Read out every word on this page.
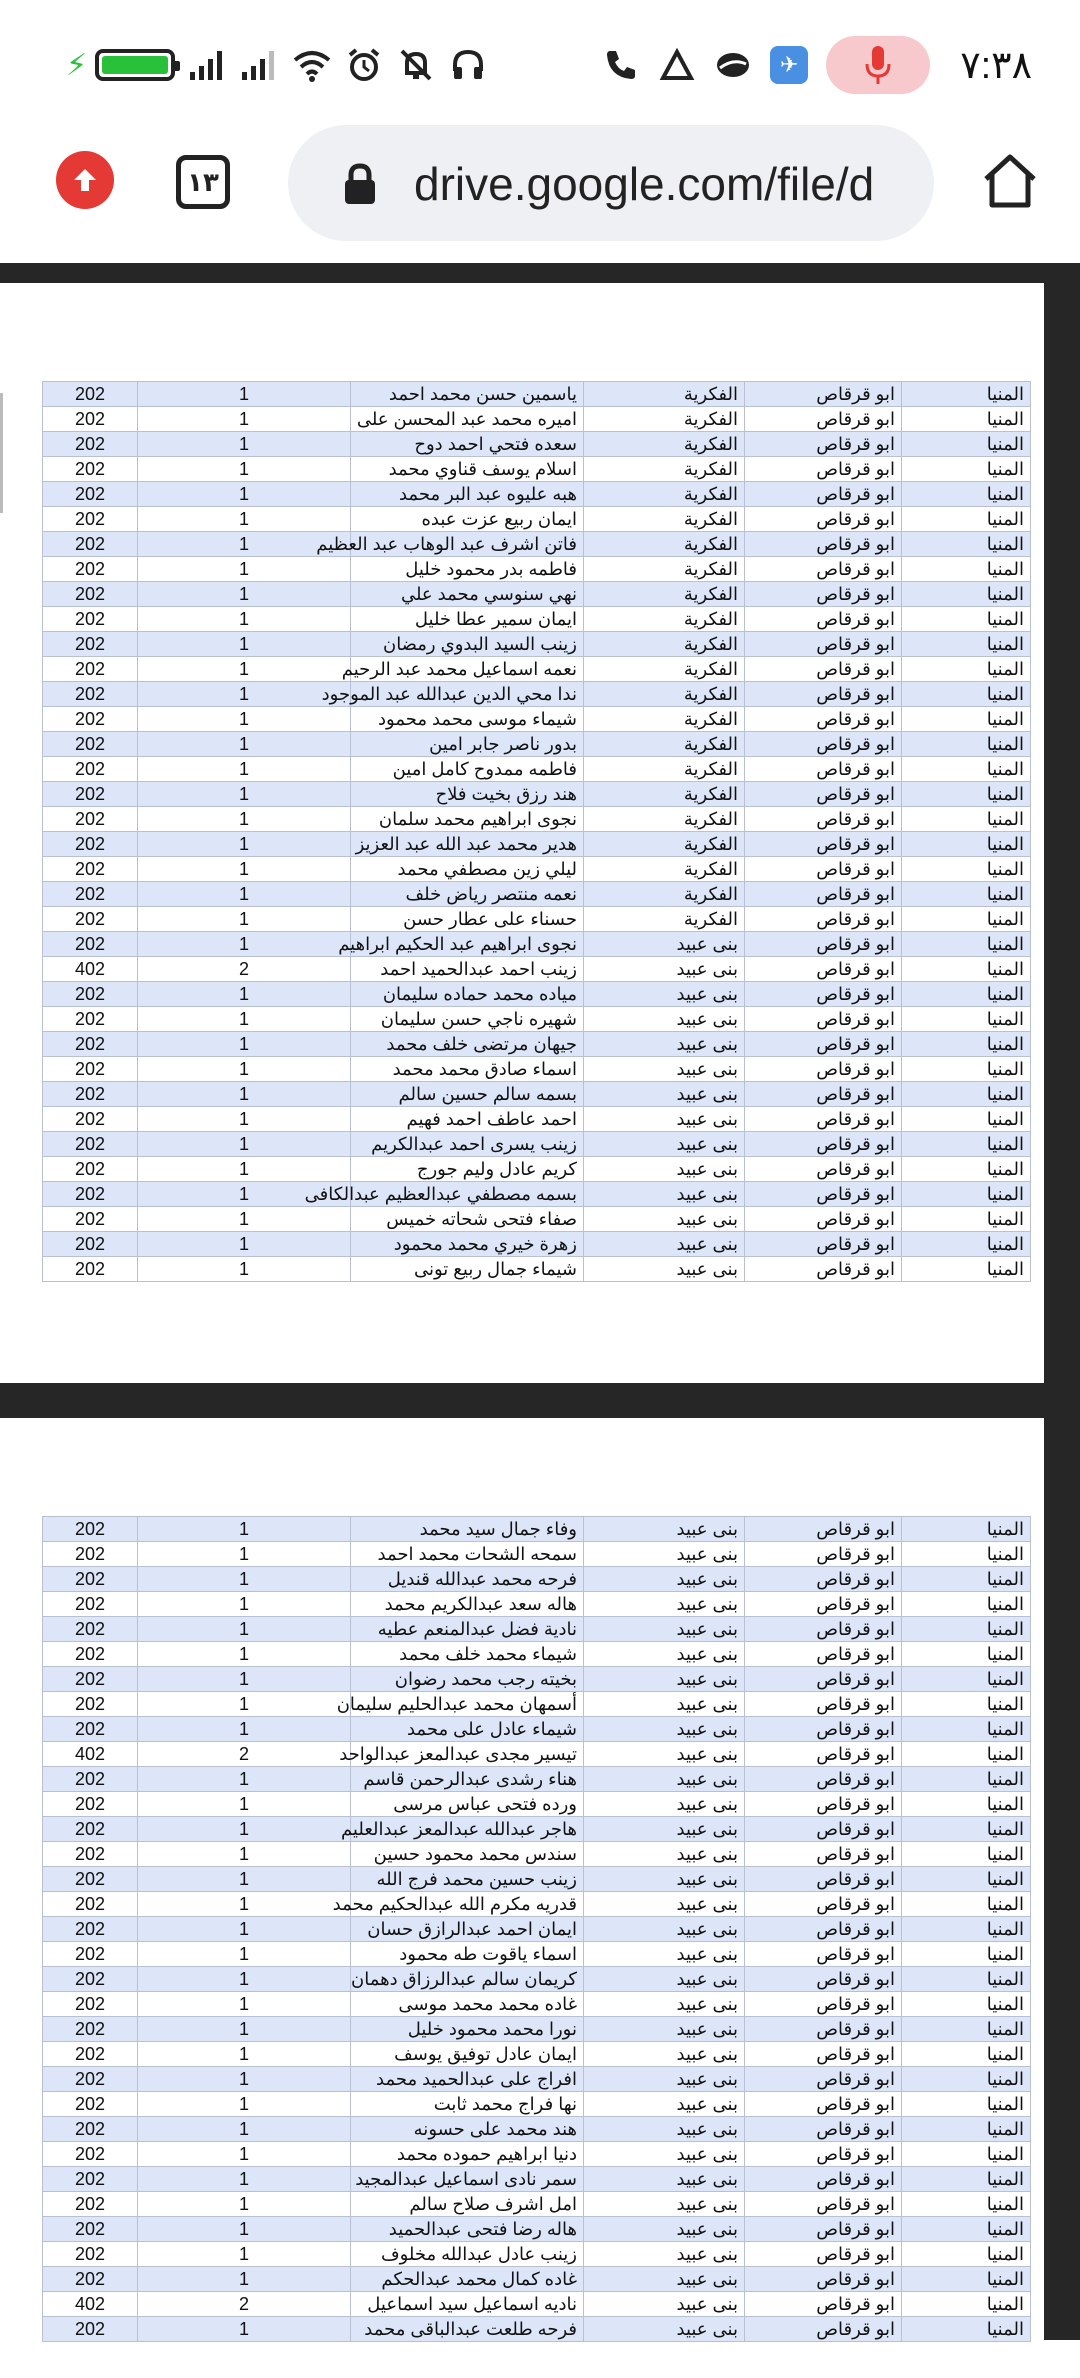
⚡	✈	٧:٣٨
١٣	drive.google.com/file/d
202	1	ياسمين حسن محمد احمد	الفكرية	ابو قرقاص	المنيا
202	1	اميره محمد عبد المحسن على	الفكرية	ابو قرقاص	المنيا
202	1	سعده فتحي احمد دوح	الفكرية	ابو قرقاص	المنيا
202	1	اسلام يوسف قناوي محمد	الفكرية	ابو قرقاص	المنيا
202	1	هبه عليوه عبد البر محمد	الفكرية	ابو قرقاص	المنيا
202	1	ايمان ربيع عزت عبده	الفكرية	ابو قرقاص	المنيا
202	1	فاتن اشرف عبد الوهاب عبد العظيم	الفكرية	ابو قرقاص	المنيا
202	1	فاطمه بدر محمود خليل	الفكرية	ابو قرقاص	المنيا
202	1	نهي سنوسي محمد علي	الفكرية	ابو قرقاص	المنيا
202	1	ايمان سمير عطا خليل	الفكرية	ابو قرقاص	المنيا
202	1	زينب السيد البدوي رمضان	الفكرية	ابو قرقاص	المنيا
202	1	نعمه اسماعيل محمد عبد الرحيم	الفكرية	ابو قرقاص	المنيا
202	1	ندا محي الدين عبدالله عبد الموجود	الفكرية	ابو قرقاص	المنيا
202	1	شيماء موسى محمد محمود	الفكرية	ابو قرقاص	المنيا
202	1	بدور ناصر جابر امين	الفكرية	ابو قرقاص	المنيا
202	1	فاطمه ممدوح كامل امين	الفكرية	ابو قرقاص	المنيا
202	1	هند رزق بخيت فلاح	الفكرية	ابو قرقاص	المنيا
202	1	نجوى ابراهيم محمد سلمان	الفكرية	ابو قرقاص	المنيا
202	1	هدير محمد عبد الله عبد العزيز	الفكرية	ابو قرقاص	المنيا
202	1	ليلي زين مصطفي محمد	الفكرية	ابو قرقاص	المنيا
202	1	نعمه منتصر رياض خلف	الفكرية	ابو قرقاص	المنيا
202	1	حسناء على عطار حسن	الفكرية	ابو قرقاص	المنيا
202	1	نجوى ابراهيم عبد الحكيم ابراهيم	بنى عبيد	ابو قرقاص	المنيا
402	2	زينب احمد عبدالحميد احمد	بنى عبيد	ابو قرقاص	المنيا
202	1	مياده محمد حماده سليمان	بنى عبيد	ابو قرقاص	المنيا
202	1	شهيره ناجي حسن سليمان	بنى عبيد	ابو قرقاص	المنيا
202	1	جيهان مرتضى خلف محمد	بنى عبيد	ابو قرقاص	المنيا
202	1	اسماء صادق محمد محمد	بنى عبيد	ابو قرقاص	المنيا
202	1	بسمه سالم حسين سالم	بنى عبيد	ابو قرقاص	المنيا
202	1	احمد عاطف احمد فهيم	بنى عبيد	ابو قرقاص	المنيا
202	1	زينب يسرى احمد عبدالكريم	بنى عبيد	ابو قرقاص	المنيا
202	1	كريم عادل وليم جورج	بنى عبيد	ابو قرقاص	المنيا
202	1	بسمه مصطفي عبدالعظيم عبدالكافى	بنى عبيد	ابو قرقاص	المنيا
202	1	صفاء فتحى شحاته خميس	بنى عبيد	ابو قرقاص	المنيا
202	1	زهرة خيري محمد محمود	بنى عبيد	ابو قرقاص	المنيا
202	1	شيماء جمال ربيع تونى	بنى عبيد	ابو قرقاص	المنيا
202	1	وفاء جمال سيد محمد	بنى عبيد	ابو قرقاص	المنيا
202	1	سمحه الشحات محمد احمد	بنى عبيد	ابو قرقاص	المنيا
202	1	فرحه محمد عبدالله قنديل	بنى عبيد	ابو قرقاص	المنيا
202	1	هاله سعد عبدالكريم محمد	بنى عبيد	ابو قرقاص	المنيا
202	1	نادية فضل عبدالمنعم عطيه	بنى عبيد	ابو قرقاص	المنيا
202	1	شيماء محمد خلف محمد	بنى عبيد	ابو قرقاص	المنيا
202	1	بخيته رجب محمد رضوان	بنى عبيد	ابو قرقاص	المنيا
202	1	أسمهان محمد عبدالحليم سليمان	بنى عبيد	ابو قرقاص	المنيا
202	1	شيماء عادل على محمد	بنى عبيد	ابو قرقاص	المنيا
402	2	تيسير مجدى عبدالمعز عبدالواحد	بنى عبيد	ابو قرقاص	المنيا
202	1	هناء رشدى عبدالرحمن قاسم	بنى عبيد	ابو قرقاص	المنيا
202	1	ورده فتحى عباس مرسى	بنى عبيد	ابو قرقاص	المنيا
202	1	هاجر عبدالله عبدالمعز عبدالعليم	بنى عبيد	ابو قرقاص	المنيا
202	1	سندس محمد محمود حسين	بنى عبيد	ابو قرقاص	المنيا
202	1	زينب حسين محمد فرج الله	بنى عبيد	ابو قرقاص	المنيا
202	1	قدريه مكرم الله عبدالحكيم محمد	بنى عبيد	ابو قرقاص	المنيا
202	1	ايمان احمد عبدالرازق حسان	بنى عبيد	ابو قرقاص	المنيا
202	1	اسماء ياقوت طه محمود	بنى عبيد	ابو قرقاص	المنيا
202	1	كريمان سالم عبدالرزاق دهمان	بنى عبيد	ابو قرقاص	المنيا
202	1	غاده محمد محمد موسى	بنى عبيد	ابو قرقاص	المنيا
202	1	نورا محمد محمود خليل	بنى عبيد	ابو قرقاص	المنيا
202	1	ايمان عادل توفيق يوسف	بنى عبيد	ابو قرقاص	المنيا
202	1	افراج على عبدالحميد محمد	بنى عبيد	ابو قرقاص	المنيا
202	1	نها فراج محمد ثابت	بنى عبيد	ابو قرقاص	المنيا
202	1	هند محمد على حسونه	بنى عبيد	ابو قرقاص	المنيا
202	1	دنيا ابراهيم حموده محمد	بنى عبيد	ابو قرقاص	المنيا
202	1	سمر نادى اسماعيل عبدالمجيد	بنى عبيد	ابو قرقاص	المنيا
202	1	امل اشرف صلاح سالم	بنى عبيد	ابو قرقاص	المنيا
202	1	هاله رضا فتحى عبدالحميد	بنى عبيد	ابو قرقاص	المنيا
202	1	زينب عادل عبدالله مخلوف	بنى عبيد	ابو قرقاص	المنيا
202	1	غاده كمال محمد عبدالحكم	بنى عبيد	ابو قرقاص	المنيا
402	2	ناديه اسماعيل سيد اسماعيل	بنى عبيد	ابو قرقاص	المنيا
202	1	فرحه طلعت عبدالباقى محمد	بنى عبيد	ابو قرقاص	المنيا
